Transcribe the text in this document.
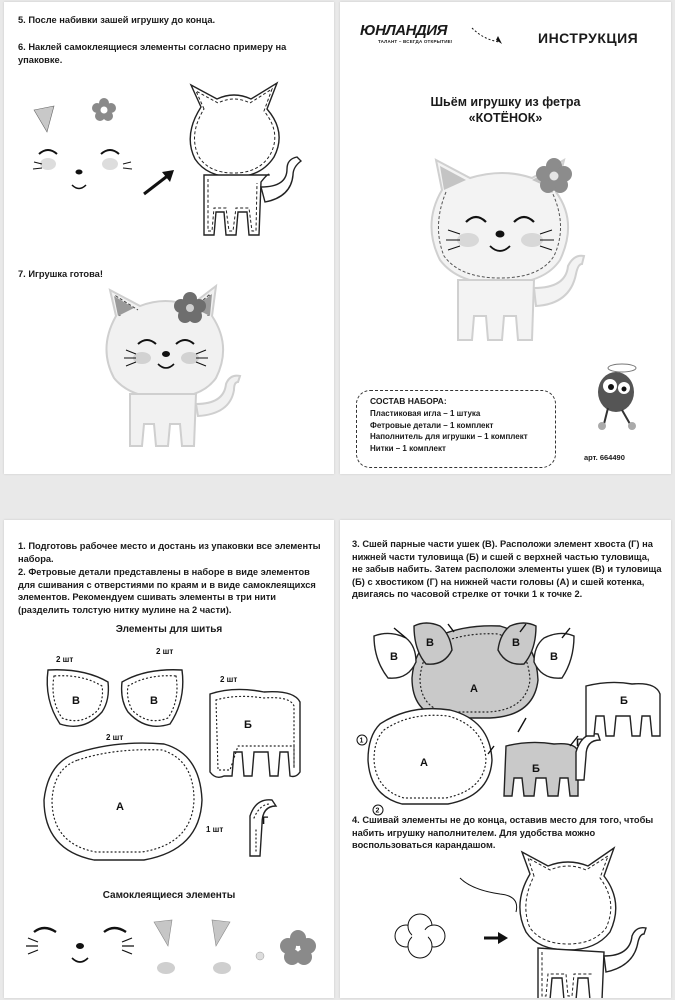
5. После набивки зашей игрушку до конца.
6. Наклей самоклеящиеся элементы согласно примеру на упаковке.
7. Игрушка готова!
ЮНЛАНДИЯ
ТАЛАНТ – ВСЕГДА ОТКРЫТИЕ!	ИНСТРУКЦИЯ
Шьём игрушку из фетра
«КОТЁНОК»
СОСТАВ НАБОРА:
Пластиковая игла – 1 штука
Фетровые детали – 1 комплект
Наполнитель для игрушки – 1 комплект
Нитки – 1 комплект
арт. 664490
1. Подготовь рабочее место и достань из упаковки все элементы набора.
2. Фетровые детали представлены в наборе в виде элементов для сшивания с отверстиями по краям и в виде самоклеящихся элементов. Рекомендуем сшивать элементы в три нити (разделить толстую нитку мулине на 2 части).
Элементы для шитья
В	В
Б
А
Г
2 шт
2 шт
2 шт
2 шт
1 шт
Самоклеящиеся элементы
3. Сшей парные части ушек (В). Расположи элемент хвоста (Г) на нижней части туловища (Б) и сшей с верхней частью туловища, не забыв набить. Затем расположи элементы ушек (В) и туловища (Б) с хвостиком (Г) на нижней части головы (А) и сшей котенка, двигаясь по часовой стрелке от точки 1 к точке 2.
А
В
В	В
В
А
1
2
Б
Г
Б
4. Сшивай элементы не до конца, оставив место для того, чтобы набить игрушку наполнителем. Для удобства можно воспользоваться карандашом.
